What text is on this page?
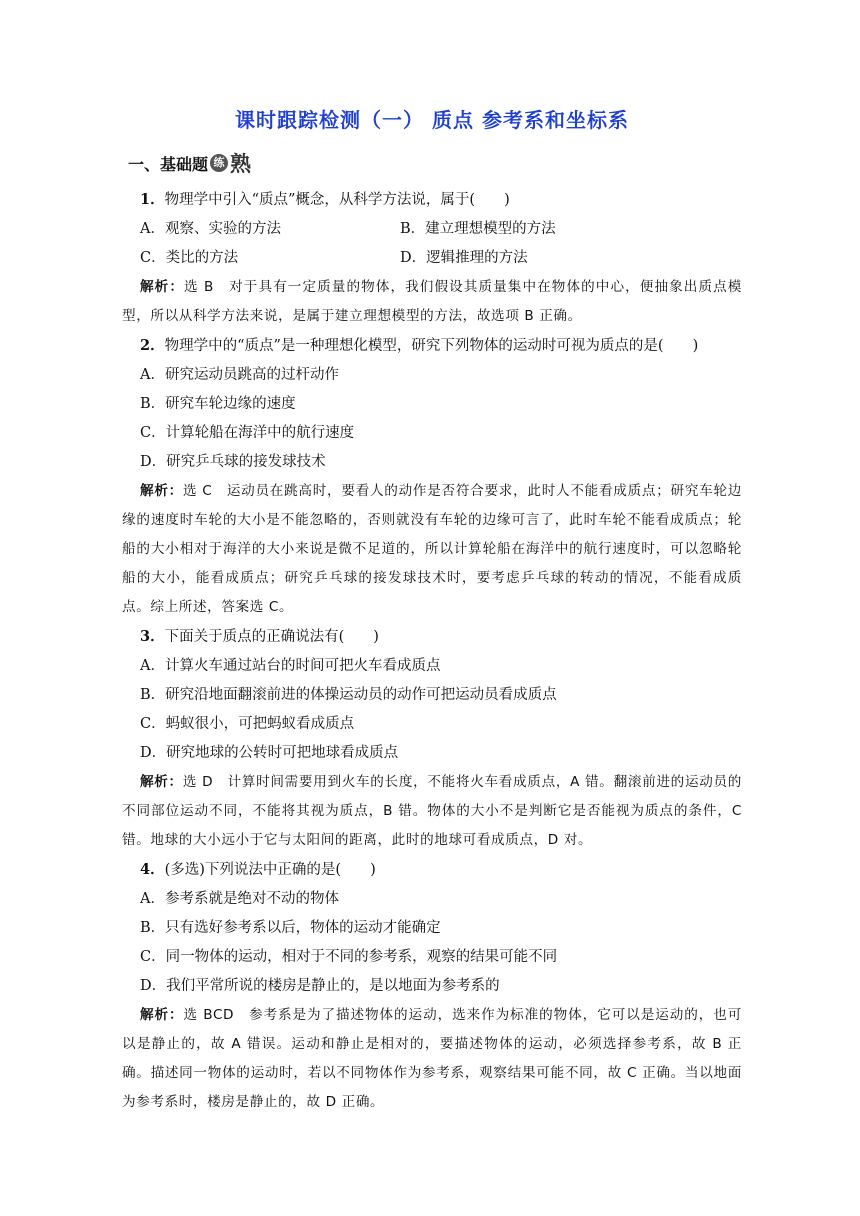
课时跟踪检测（一） 质点 参考系和坐标系
一、基础题 练 熟
1．物理学中引入“质点”概念，从科学方法说，属于(　　)
A．观察、实验的方法	B．建立理想模型的方法
C．类比的方法	D．逻辑推理的方法

解析：选 B　对于具有一定质量的物体，我们假设其质量集中在物体的中心，便抽象出质点模型，所以从科学方法来说，是属于建立理想模型的方法，故选项 B 正确。

2．物理学中的“质点”是一种理想化模型，研究下列物体的运动时可视为质点的是(　　)
A．研究运动员跳高的过杆动作
B．研究车轮边缘的速度
C．计算轮船在海洋中的航行速度
D．研究乒乓球的接发球技术

解析：选 C　运动员在跳高时，要看人的动作是否符合要求，此时人不能看成质点；研究车轮边缘的速度时车轮的大小是不能忽略的，否则就没有车轮的边缘可言了，此时车轮不能看成质点；轮船的大小相对于海洋的大小来说是微不足道的，所以计算轮船在海洋中的航行速度时，可以忽略轮船的大小，能看成质点；研究乒乓球的接发球技术时，要考虑乒乓球的转动的情况，不能看成质点。综上所述，答案选 C。

3．下面关于质点的正确说法有(　　)
A．计算火车通过站台的时间可把火车看成质点
B．研究沿地面翻滚前进的体操运动员的动作可把运动员看成质点
C．蚂蚁很小，可把蚂蚁看成质点
D．研究地球的公转时可把地球看成质点

解析：选 D　计算时间需要用到火车的长度，不能将火车看成质点，A 错。翻滚前进的运动员的不同部位运动不同，不能将其视为质点，B 错。物体的大小不是判断它是否能视为质点的条件，C 错。地球的大小远小于它与太阳间的距离，此时的地球可看成质点，D 对。

4．(多选)下列说法中正确的是(　　)
A．参考系就是绝对不动的物体
B．只有选好参考系以后，物体的运动才能确定
C．同一物体的运动，相对于不同的参考系，观察的结果可能不同
D．我们平常所说的楼房是静止的，是以地面为参考系的

解析：选 BCD　参考系是为了描述物体的运动，选来作为标准的物体，它可以是运动的，也可以是静止的，故 A 错误。运动和静止是相对的，要描述物体的运动，必须选择参考系，故 B 正确。描述同一物体的运动时，若以不同物体作为参考系，观察结果可能不同，故 C 正确。当以地面为参考系时，楼房是静止的，故 D 正确。
